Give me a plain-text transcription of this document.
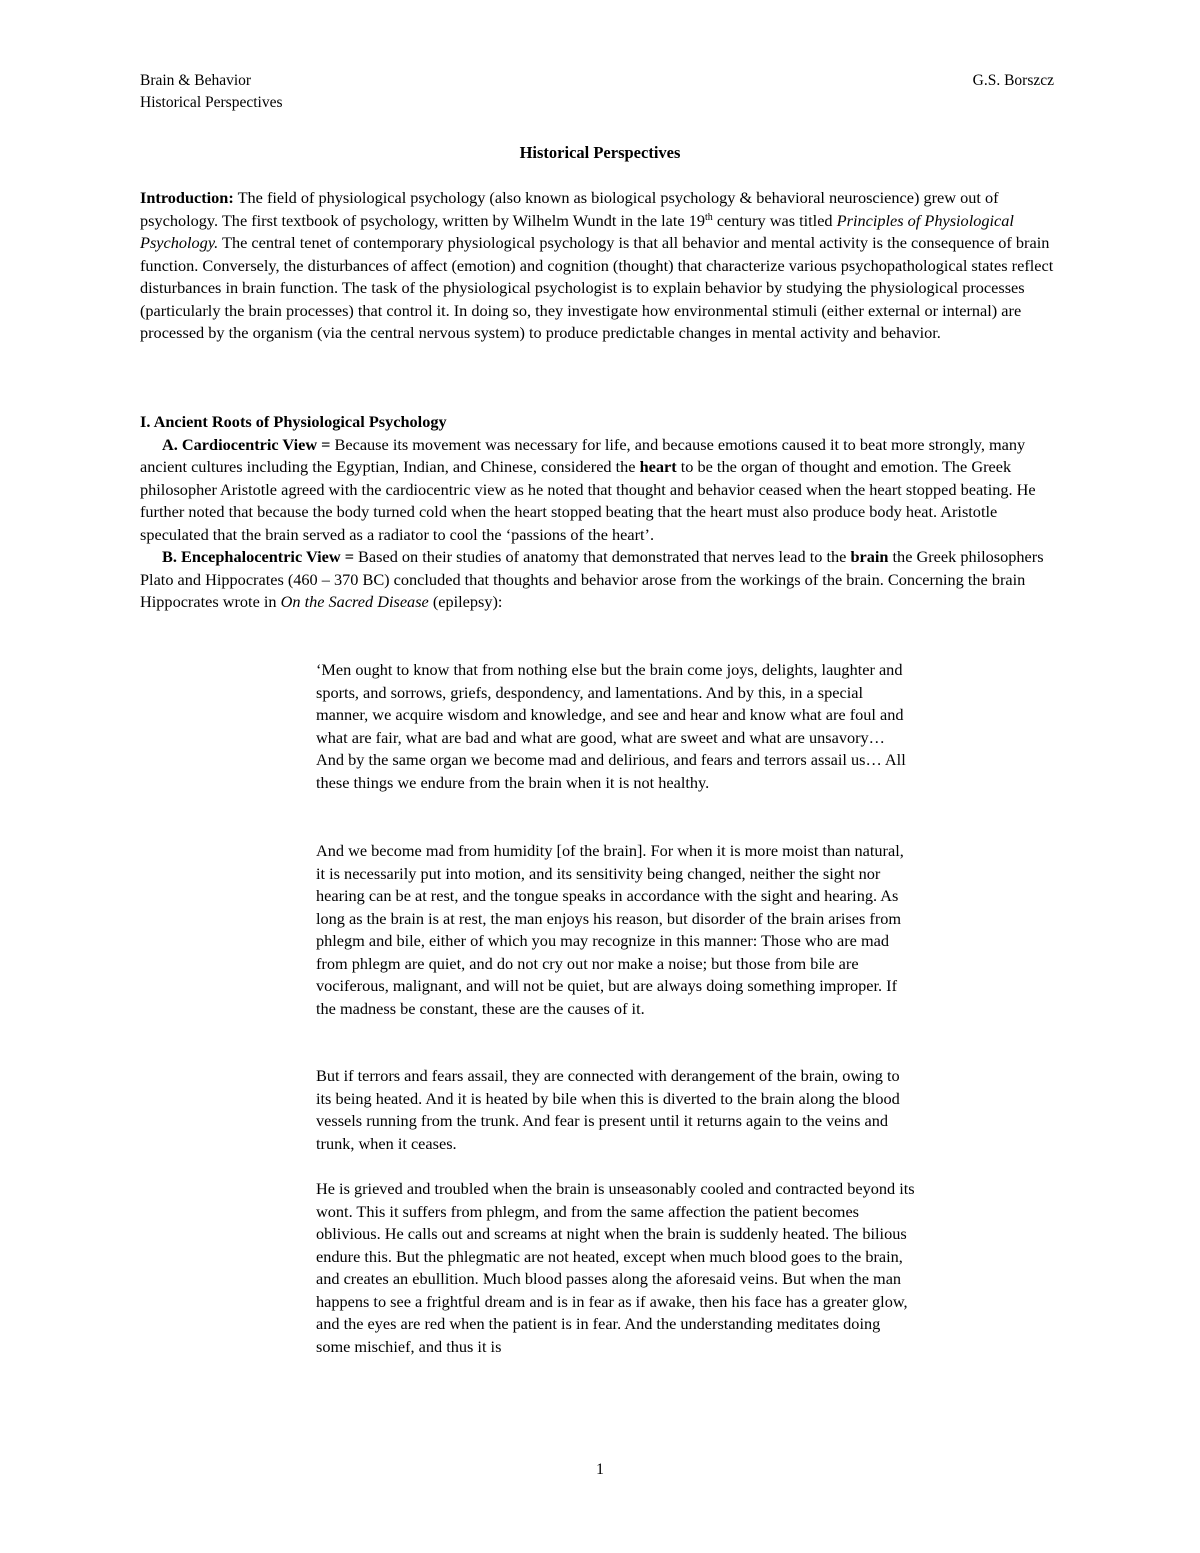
Brain & Behavior
Historical Perspectives
G.S. Borszcz
Historical Perspectives

Introduction: The field of physiological psychology (also known as biological psychology & behavioral neuroscience) grew out of psychology. The first textbook of psychology, written by Wilhelm Wundt in the late 19th century was titled Principles of Physiological Psychology. The central tenet of contemporary physiological psychology is that all behavior and mental activity is the consequence of brain function. Conversely, the disturbances of affect (emotion) and cognition (thought) that characterize various psychopathological states reflect disturbances in brain function. The task of the physiological psychologist is to explain behavior by studying the physiological processes (particularly the brain processes) that control it. In doing so, they investigate how environmental stimuli (either external or internal) are processed by the organism (via the central nervous system) to produce predictable changes in mental activity and behavior.

I. Ancient Roots of Physiological Psychology

A. Cardiocentric View = Because its movement was necessary for life, and because emotions caused it to beat more strongly, many ancient cultures including the Egyptian, Indian, and Chinese, considered the heart to be the organ of thought and emotion. The Greek philosopher Aristotle agreed with the cardiocentric view as he noted that thought and behavior ceased when the heart stopped beating. He further noted that because the body turned cold when the heart stopped beating that the heart must also produce body heat. Aristotle speculated that the brain served as a radiator to cool the ‘passions of the heart’.

B. Encephalocentric View = Based on their studies of anatomy that demonstrated that nerves lead to the brain the Greek philosophers Plato and Hippocrates (460 – 370 BC) concluded that thoughts and behavior arose from the workings of the brain. Concerning the brain Hippocrates wrote in On the Sacred Disease (epilepsy):

‘Men ought to know that from nothing else but the brain come joys, delights, laughter and sports, and sorrows, griefs, despondency, and lamentations. And by this, in a special manner, we acquire wisdom and knowledge, and see and hear and know what are foul and what are fair, what are bad and what are good, what are sweet and what are unsavory… And by the same organ we become mad and delirious, and fears and terrors assail us… All these things we endure from the brain when it is not healthy.
And we become mad from humidity [of the brain]. For when it is more moist than natural, it is necessarily put into motion, and its sensitivity being changed, neither the sight nor hearing can be at rest, and the tongue speaks in accordance with the sight and hearing. As long as the brain is at rest, the man enjoys his reason, but disorder of the brain arises from phlegm and bile, either of which you may recognize in this manner: Those who are mad from phlegm are quiet, and do not cry out nor make a noise; but those from bile are vociferous, malignant, and will not be quiet, but are always doing something improper. If the madness be constant, these are the causes of it.
But if terrors and fears assail, they are connected with derangement of the brain, owing to its being heated. And it is heated by bile when this is diverted to the brain along the blood vessels running from the trunk. And fear is present until it returns again to the veins and trunk, when it ceases.
He is grieved and troubled when the brain is unseasonably cooled and contracted beyond its wont. This it suffers from phlegm, and from the same affection the patient becomes oblivious. He calls out and screams at night when the brain is suddenly heated. The bilious endure this. But the phlegmatic are not heated, except when much blood goes to the brain, and creates an ebullition. Much blood passes along the aforesaid veins. But when the man happens to see a frightful dream and is in fear as if awake, then his face has a greater glow, and the eyes are red when the patient is in fear. And the understanding meditates doing some mischief, and thus it is
1
